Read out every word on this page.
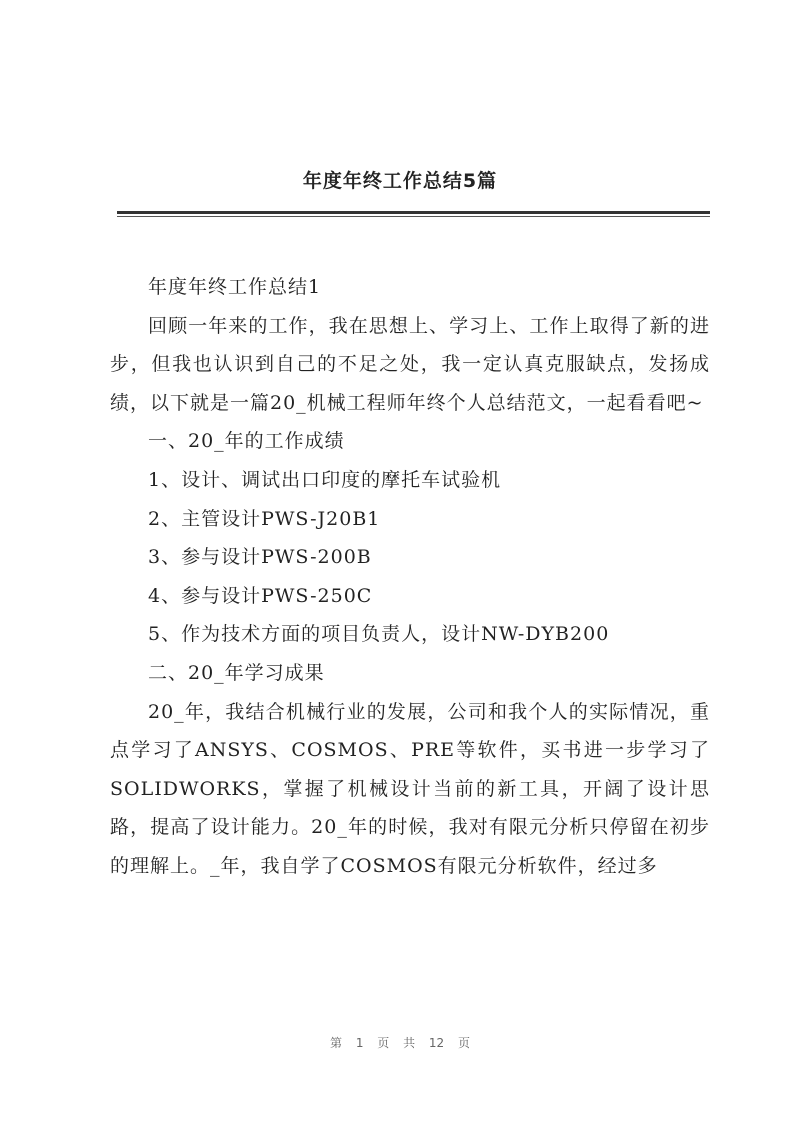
年度年终工作总结5篇

年度年终工作总结1

回顾一年来的工作，我在思想上、学习上、工作上取得了新的进步，但我也认识到自己的不足之处，我一定认真克服缺点，发扬成绩，以下就是一篇20_机械工程师年终个人总结范文，一起看看吧~

一、20_年的工作成绩

1、设计、调试出口印度的摩托车试验机

2、主管设计PWS-J20B1

3、参与设计PWS-200B

4、参与设计PWS-250C

5、作为技术方面的项目负责人，设计NW-DYB200

二、20_年学习成果

20_年，我结合机械行业的发展，公司和我个人的实际情况，重点学习了ANSYS、COSMOS、PRE等软件，买书进一步学习了SOLIDWORKS，掌握了机械设计当前的新工具，开阔了设计思路，提高了设计能力。20_年的时候，我对有限元分析只停留在初步的理解上。_年，我自学了COSMOS有限元分析软件，经过多

第 1 页 共 12 页
